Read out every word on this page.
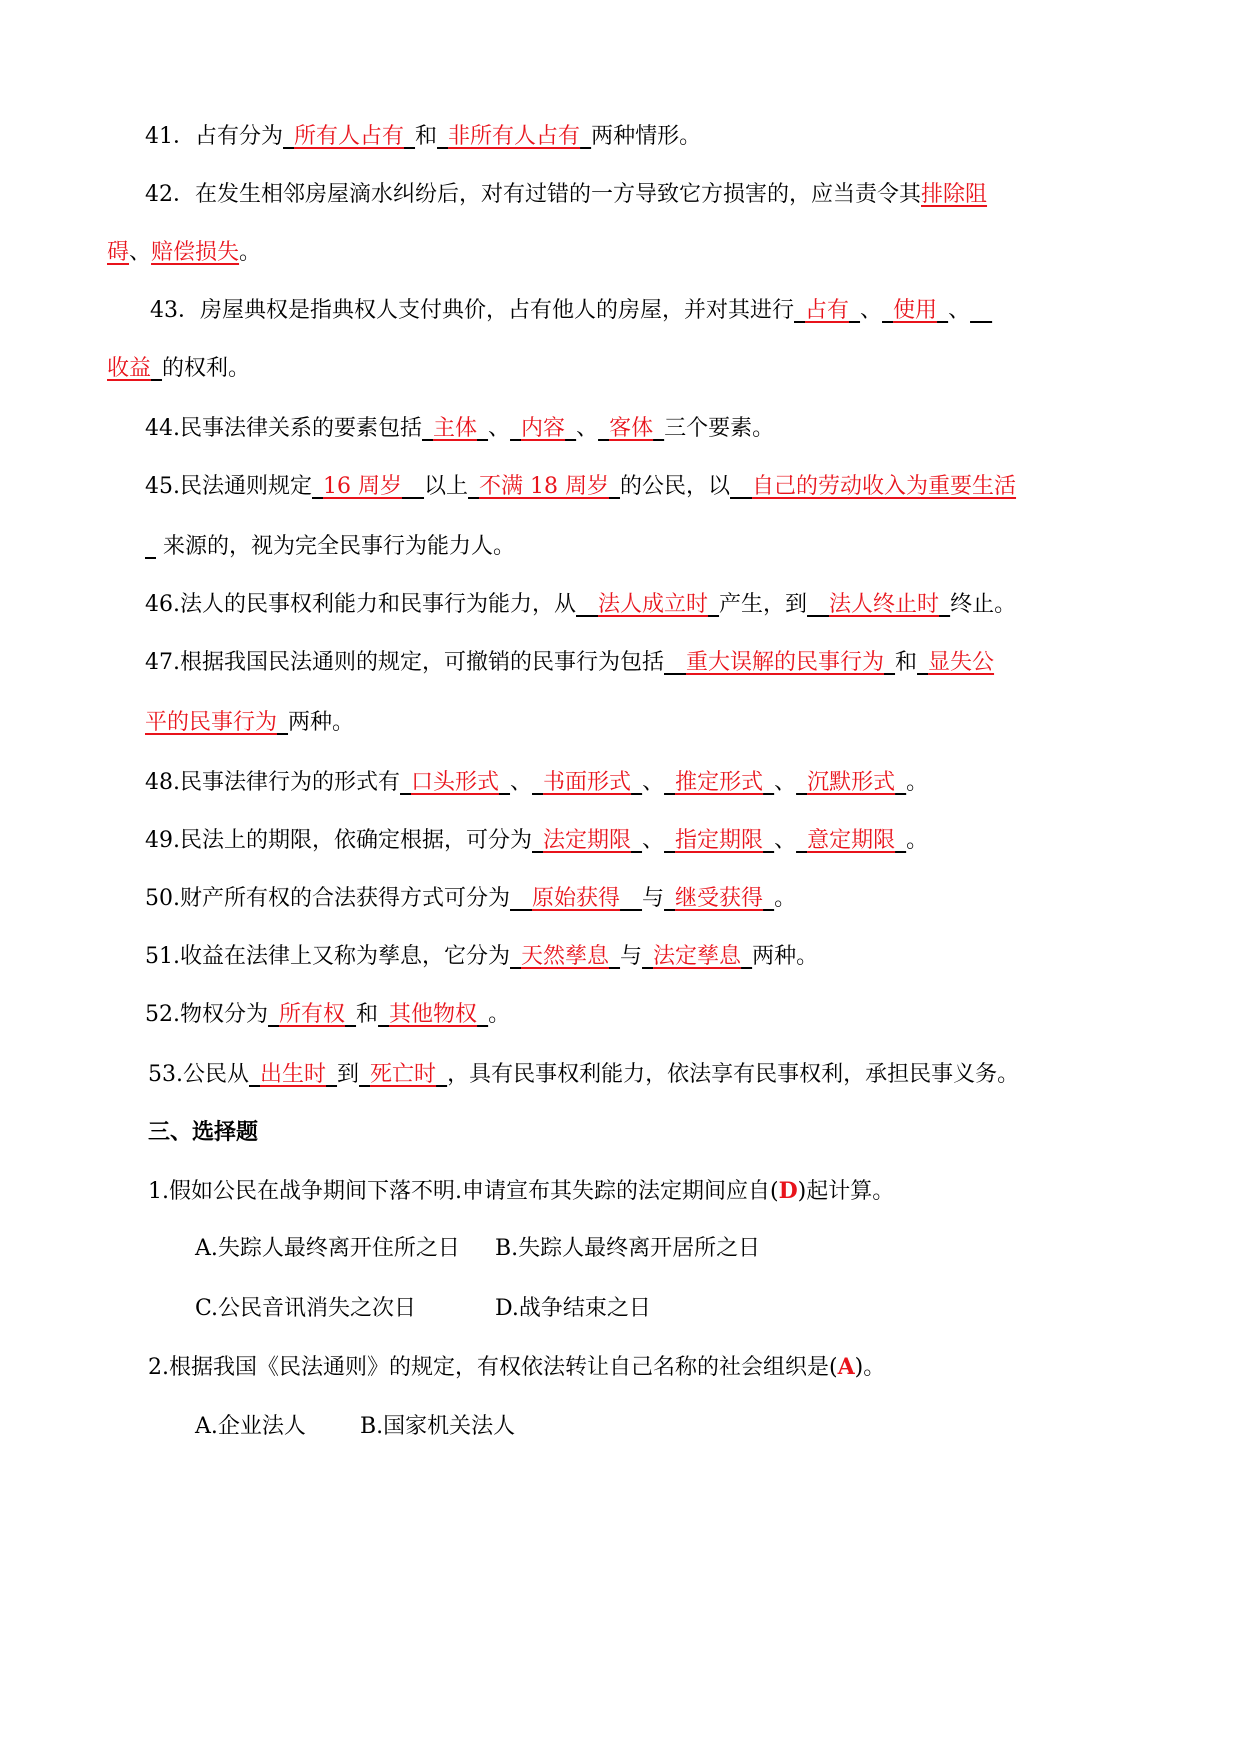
41．占有分为_所有人占有_和_非所有人占有_两种情形。
42．在发生相邻房屋滴水纠纷后，对有过错的一方导致它方损害的，应当责令其排除阻
碍、赔偿损失。
43．房屋典权是指典权人支付典价，占有他人的房屋，并对其进行_占有_、_使用_、__
收益_的权利。
44.民事法律关系的要素包括_主体_、_内容_、_客体_三个要素。
45.民法通则规定_16 周岁__以上_不满 18 周岁_的公民，以__自己的劳动收入为重要生活
_ 来源的，视为完全民事行为能力人。
46.法人的民事权利能力和民事行为能力，从__法人成立时_产生，到__法人终止时_终止。
47.根据我国民法通则的规定，可撤销的民事行为包括__重大误解的民事行为_和_显失公
平的民事行为_两种。
48.民事法律行为的形式有_口头形式_、_书面形式_、_推定形式_、_沉默形式_。
49.民法上的期限，依确定根据，可分为_法定期限_、_指定期限_、_意定期限_。
50.财产所有权的合法获得方式可分为__原始获得__与_继受获得_。
51.收益在法律上又称为孳息，它分为_天然孳息_与_法定孳息_两种。
52.物权分为_所有权_和_其他物权_。
53.公民从_出生时_到_死亡时_，具有民事权利能力，依法享有民事权利，承担民事义务。
三、选择题
1.假如公民在战争期间下落不明.申请宣布其失踪的法定期间应自(D)起计算。
A.失踪人最终离开住所之日 B.失踪人最终离开居所之日
C.公民音讯消失之次日	D.战争结束之日
2.根据我国《民法通则》的规定，有权依法转让自己名称的社会组织是(A)。
A.企业法人 B.国家机关法人
